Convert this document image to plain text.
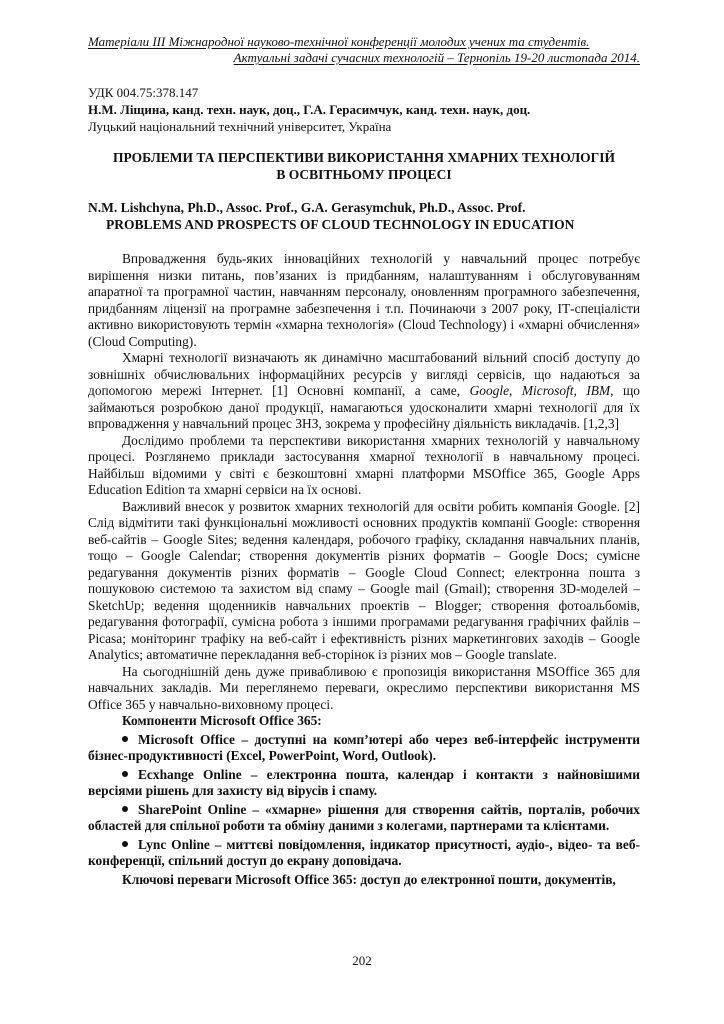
Матеріали ІІІ Міжнародної науково-технічної конференції молодих учених та студентів.
Актуальні задачі сучасних технологій – Тернопіль 19-20 листопада 2014.
УДК 004.75:378.147
Н.М. Ліщина, канд. техн. наук, доц., Г.А. Герасимчук, канд. техн. наук, доц.
Луцький національний технічний університет, Україна
ПРОБЛЕМИ ТА ПЕРСПЕКТИВИ ВИКОРИСТАННЯ ХМАРНИХ ТЕХНОЛОГІЙ
В ОСВІТНЬОМУ ПРОЦЕСІ
N.M. Lishchyna, Ph.D., Assoc. Prof., G.A. Gerasymchuk, Ph.D., Assoc. Prof.
PROBLEMS AND PROSPECTS OF CLOUD TECHNOLOGY IN EDUCATION

Впровадження будь-яких інноваційних технологій у навчальний процес потребує вирішення низки питань, пов’язаних із придбанням, налаштуванням і обслуговуванням апаратної та програмної частин, навчанням персоналу, оновленням програмного забезпечення, придбанням ліцензії на програмне забезпечення і т.п. Починаючи з 2007 року, ІТ-спеціалісти активно використовують термін «хмарна технологія» (Cloud Technology) і «хмарні обчислення» (Cloud Computing).

Хмарні технології визначають як динамічно масштабований вільний спосіб доступу до зовнішніх обчислювальних інформаційних ресурсів у вигляді сервісів, що надаються за допомогою мережі Інтернет. [1] Основні компанії, а саме, Google, Microsoft, IBM, що займаються розробкою даної продукції, намагаються удосконалити хмарні технології для їх впровадження у навчальний процес ЗНЗ, зокрема у професійну діяльність викладачів. [1,2,3]

Дослідимо проблеми та перспективи використання хмарних технологій у навчальному процесі. Розглянемо приклади застосування хмарної технології в навчальному процесі. Найбільш відомими у світі є безкоштовні хмарні платформи MSOffice 365, Google Apps Education Edition та хмарні сервіси на їх основі.

Важливий внесок у розвиток хмарних технологій для освіти робить компанія Google. [2] Слід відмітити такі функціональні можливості основних продуктів компанії Google: створення веб-сайтів – Google Sites; ведення календаря, робочого графіку, складання навчальних планів, тощо – Google Calendar; створення документів різних форматів – Google Docs; сумісне редагування документів різних форматів – Google Cloud Connect; електронна пошта з пошуковою системою та захистом від спаму – Google mail (Gmail); створення 3D-моделей – SketchUp; ведення щоденників навчальних проектів – Blogger; створення фотоальбомів, редагування фотографії, сумісна робота з іншими програмами редагування графічних файлів – Picasa; моніторинг трафіку на веб-сайт і ефективність різних маркетингових заходів – Google Analytics; автоматичне перекладання веб-сторінок із різних мов – Google translate.

На сьогоднішній день дуже привабливою є пропозиція використання MSOffice 365 для навчальних закладів. Ми переглянемо переваги, окреслимо перспективи використання MS Office 365 у навчально-виховному процесі.

Компоненти Microsoft Office 365:
Microsoft Office – доступні на комп’ютері або через веб-інтерфейс інструменти бізнес-продуктивності (Excel, PowerPoint, Word, Outlook).
Ecxhange Online – електронна пошта, календар і контакти з найновішими версіями рішень для захисту від вірусів і спаму.
SharePoint Online – «хмарне» рішення для створення сайтів, порталів, робочих областей для спільної роботи та обміну даними з колегами, партнерами та клієнтами.
Lync Online – миттєві повідомлення, індикатор присутності, аудіо-, відео- та веб-конференції, спільний доступ до екрану доповідача.
Ключові переваги Microsoft Office 365: доступ до електронної пошти, документів,
202
